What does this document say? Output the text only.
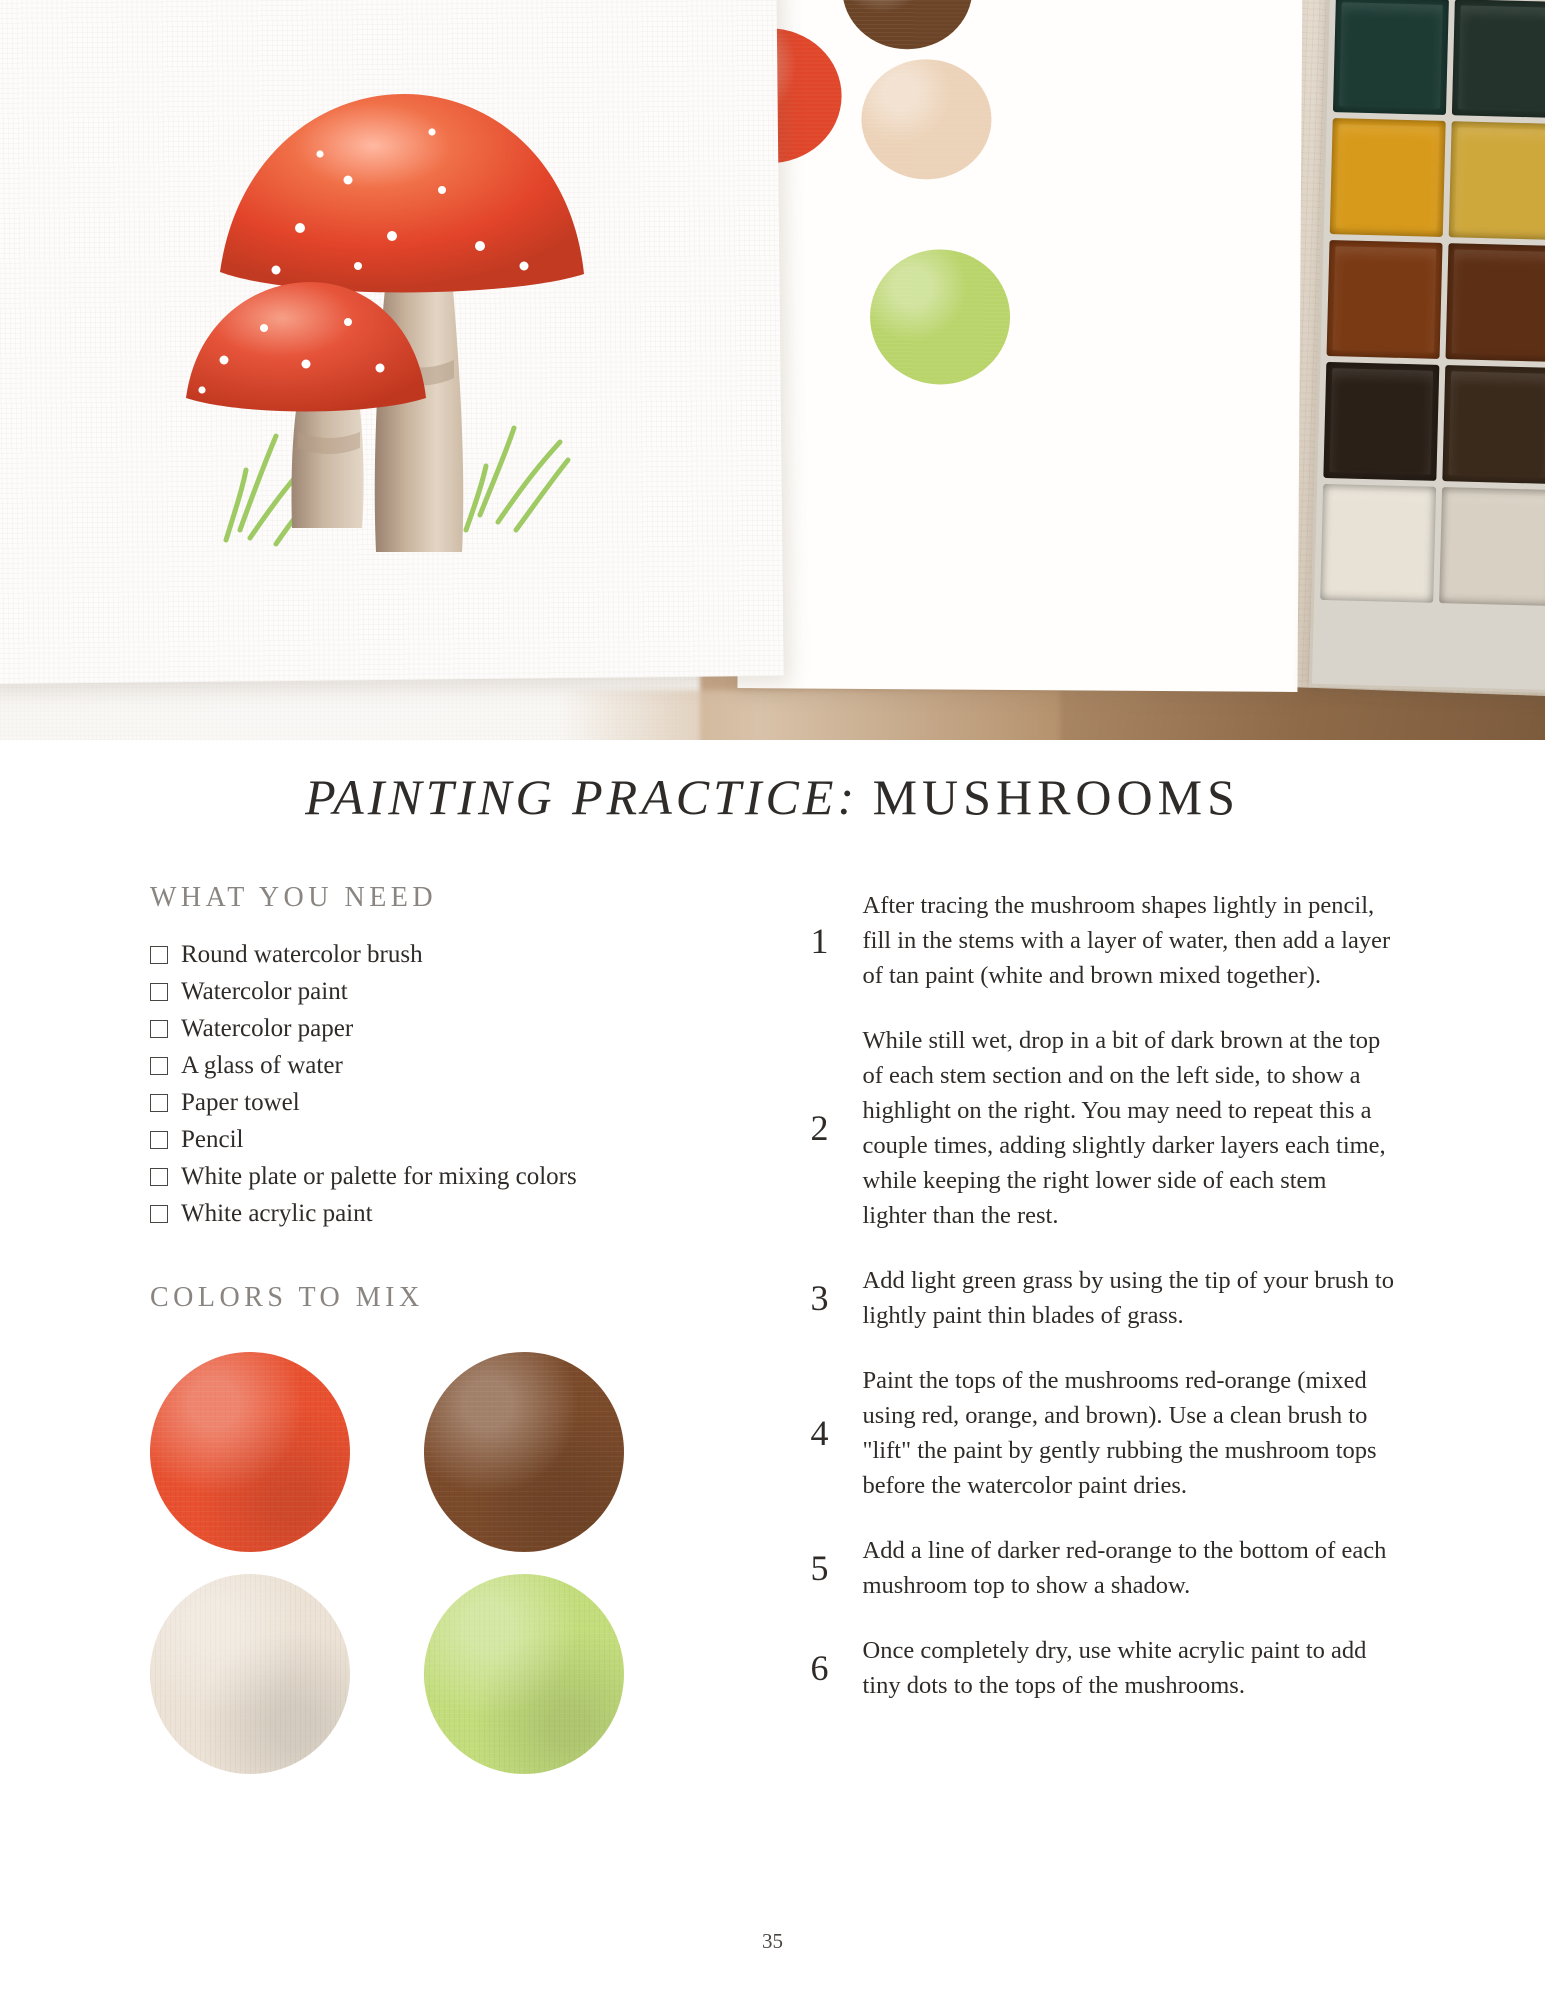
PAINTING PRACTICE: MUSHROOMS
WHAT YOU NEED
Round watercolor brush
Watercolor paint
Watercolor paper
A glass of water
Paper towel
Pencil
White plate or palette for mixing colors
White acrylic paint
COLORS TO MIX
1
After tracing the mushroom shapes lightly in pencil, fill in the stems with a layer of water, then add a layer of tan paint (white and brown mixed together).
2
While still wet, drop in a bit of dark brown at the top of each stem section and on the left side, to show a highlight on the right. You may need to repeat this a couple times, adding slightly darker layers each time, while keeping the right lower side of each stem lighter than the rest.
3	Add light green grass by using the tip of your brush to lightly paint thin blades of grass.
4
Paint the tops of the mushrooms red-orange (mixed using red, orange, and brown). Use a clean brush to "lift" the paint by gently rubbing the mushroom tops before the watercolor paint dries.
5	Add a line of darker red-orange to the bottom of each mushroom top to show a shadow.
6	Once completely dry, use white acrylic paint to add tiny dots to the tops of the mushrooms.
35
